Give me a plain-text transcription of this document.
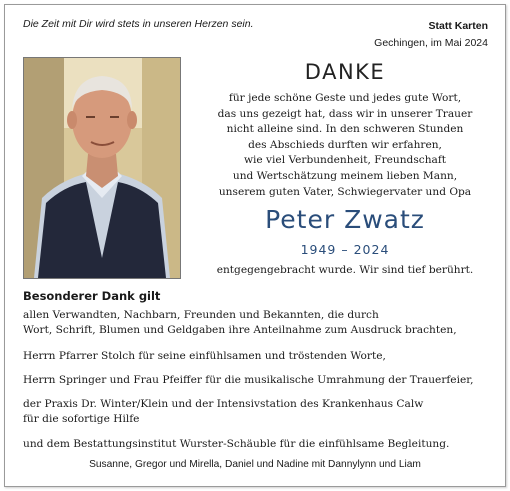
Die Zeit mit Dir wird stets in unseren Herzen sein.	Statt Karten
Gechingen, im Mai 2024
DANKE
für jede schöne Geste und jedes gute Wort,
das uns gezeigt hat, dass wir in unserer Trauer
nicht alleine sind. In den schweren Stunden
des Abschieds durften wir erfahren,
wie viel Verbundenheit, Freundschaft
und Wertschätzung meinem lieben Mann,
unserem guten Vater, Schwiegervater und Opa
Peter Zwatz
1949 – 2024
entgegengebracht wurde. Wir sind tief berührt.
Besonderer Dank gilt
allen Verwandten, Nachbarn, Freunden und Bekannten, die durch
Wort, Schrift, Blumen und Geldgaben ihre Anteilnahme zum Ausdruck brachten,
Herrn Pfarrer Stolch für seine einfühlsamen und tröstenden Worte,
Herrn Springer und Frau Pfeiffer für die musikalische Umrahmung der Trauerfeier,
der Praxis Dr. Winter/Klein und der Intensivstation des Krankenhaus Calw
für die sofortige Hilfe
und dem Bestattungsinstitut Wurster-Schäuble für die einfühlsame Begleitung.
Susanne, Gregor und Mirella, Daniel und Nadine mit Dannylynn und Liam
